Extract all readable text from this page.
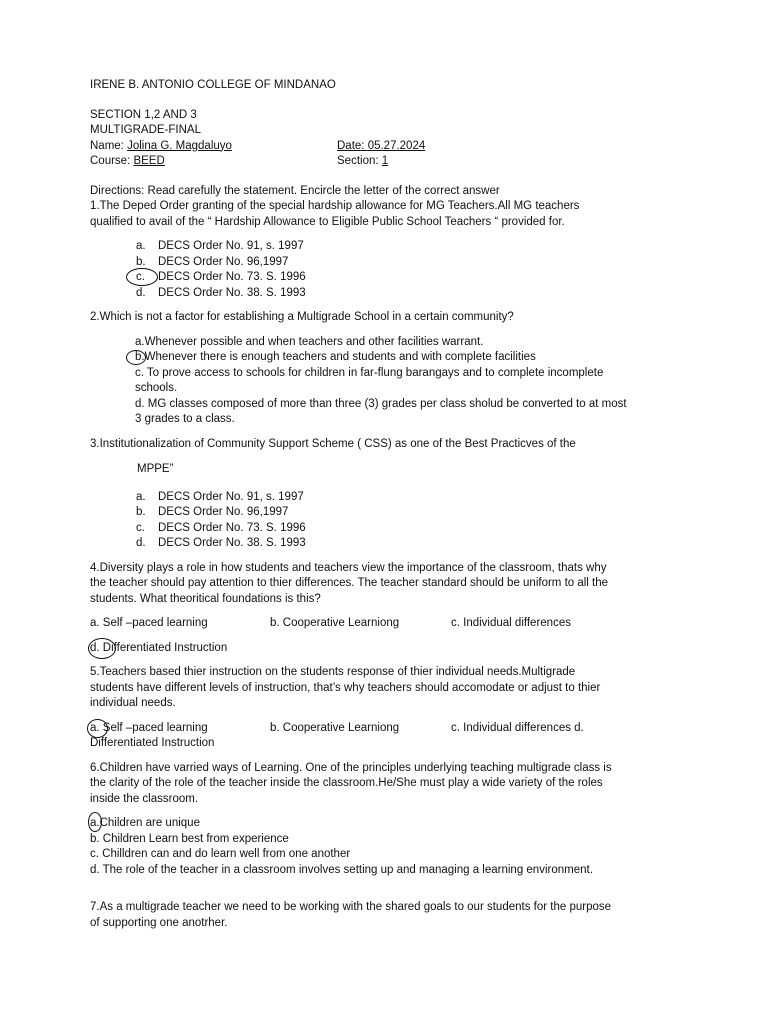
IRENE B. ANTONIO COLLEGE OF MINDANAO
SECTION 1,2 AND 3
MULTIGRADE-FINAL
Name: Jolina G. Magdaluyo	Date: 05.27.2024
Course: BEED	Section: 1
Directions: Read carefully the statement. Encircle the letter of the correct answer
1.The Deped Order granting of the special hardship allowance for MG Teachers.All MG teachers
qualified to avail of the “ Hardship Allowance to Eligible Public School Teachers “ provided for.
a.	DECS Order No. 91, s. 1997
b.	DECS Order No. 96,1997
c.	DECS Order No. 73. S. 1996
d.	DECS Order No. 38. S. 1993
2.Which is not a factor for establishing a Multigrade School in a certain community?
a.Whenever possible and when teachers and other facilities warrant.
b.Whenever there is enough teachers and students and with complete facilities
c. To prove access to schools for children in far-flung barangays and to complete incomplete
schools.
d. MG classes composed of more than three (3) grades per class sholud be converted to at most
3 grades to a class.
3.Institutionalization of Community Support Scheme ( CSS) as one of the Best Practicves of the
MPPE”
a.	DECS Order No. 91, s. 1997
b.	DECS Order No. 96,1997
c.	DECS Order No. 73. S. 1996
d.	DECS Order No. 38. S. 1993
4.Diversity plays a role in how students and teachers view the importance of the classroom, thats why
the teacher should pay attention to thier differences. The teacher standard should be uniform to all the
students. What theoritical foundations is this?
a. Self –paced learning	b. Cooperative Learniong	c. Individual differences
d. Differentiated Instruction
5.Teachers based thier instruction on the students response of thier individual needs.Multigrade
students have different levels of instruction, that’s why teachers should accomodate or adjust to thier
individual needs.
a. Self –paced learning	b. Cooperative Learniong	c. Individual differences d.
Differentiated Instruction
6.Children have varried ways of Learning. One of the principles underlying teaching multigrade class is
the clarity of the role of the teacher inside the classroom.He/She must play a wide variety of the roles
inside the classroom.
a.Children are unique
b. Children Learn best from experience
c. Chilldren can and do learn well from one another
d. The role of the teacher in a classroom involves setting up and managing a learning environment.
7.As a multigrade teacher we need to be working with the shared goals to our students for the purpose
of supporting one anotrher.
